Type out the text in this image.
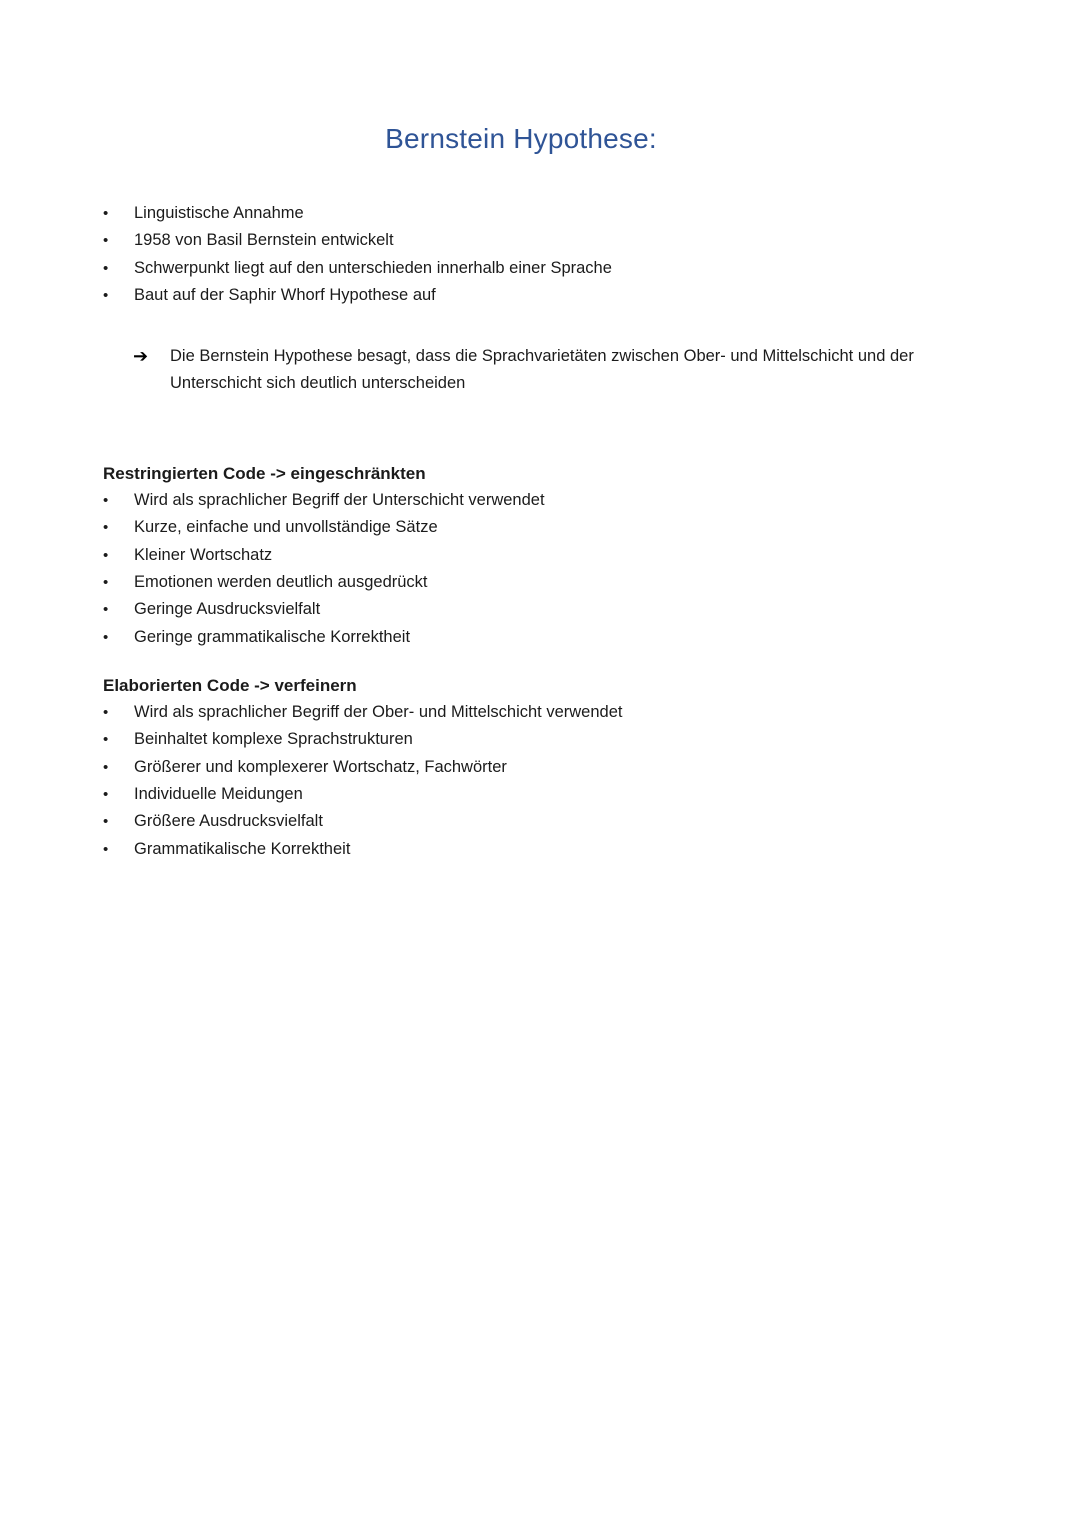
Bernstein Hypothese:
• Linguistische Annahme
• 1958 von Basil Bernstein entwickelt
• Schwerpunkt liegt auf den unterschieden innerhalb einer Sprache
• Baut auf der Saphir Whorf Hypothese auf
➔	Die Bernstein Hypothese besagt, dass die Sprachvarietäten zwischen Ober- und Mittelschicht und der Unterschicht sich deutlich unterscheiden

Restringierten Code -> eingeschränkten
• Wird als sprachlicher Begriff der Unterschicht verwendet
• Kurze, einfache und unvollständige Sätze
• Kleiner Wortschatz
• Emotionen werden deutlich ausgedrückt
• Geringe Ausdrucksvielfalt
• Geringe grammatikalische Korrektheit
Elaborierten Code -> verfeinern
• Wird als sprachlicher Begriff der Ober- und Mittelschicht verwendet
• Beinhaltet komplexe Sprachstrukturen
• Größerer und komplexerer Wortschatz, Fachwörter
• Individuelle Meidungen
• Größere Ausdrucksvielfalt
• Grammatikalische Korrektheit
